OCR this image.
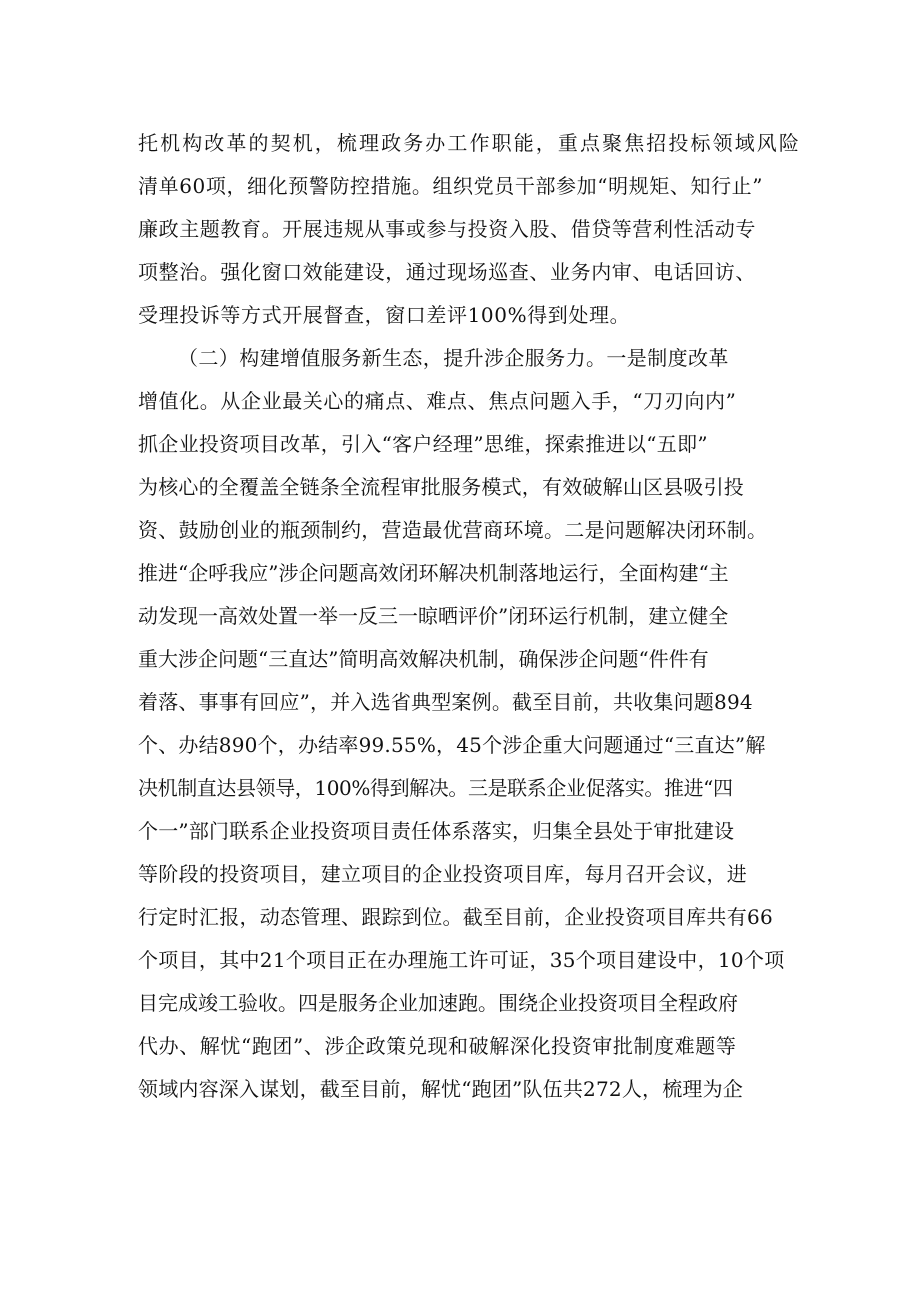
托机构改革的契机，梳理政务办工作职能，重点聚焦招投标领域风险
清单60项，细化预警防控措施。组织党员干部参加“明规矩、知行止”
廉政主题教育。开展违规从事或参与投资入股、借贷等营利性活动专
项整治。强化窗口效能建设，通过现场巡查、业务内审、电话回访、
受理投诉等方式开展督查，窗口差评100%得到处理。
（二）构建增值服务新生态，提升涉企服务力。一是制度改革
增值化。从企业最关心的痛点、难点、焦点问题入手，“刀刃向内”
抓企业投资项目改革，引入“客户经理”思维，探索推进以“五即”
为核心的全覆盖全链条全流程审批服务模式，有效破解山区县吸引投
资、鼓励创业的瓶颈制约，营造最优营商环境。二是问题解决闭环制。
推进“企呼我应”涉企问题高效闭环解决机制落地运行，全面构建“主
动发现一高效处置一举一反三一晾晒评价”闭环运行机制，建立健全
重大涉企问题“三直达”简明高效解决机制，确保涉企问题“件件有
着落、事事有回应”，并入选省典型案例。截至目前，共收集问题894
个、办结890个，办结率99.55%，45个涉企重大问题通过“三直达”解
决机制直达县领导，100%得到解决。三是联系企业促落实。推进“四
个一”部门联系企业投资项目责任体系落实，归集全县处于审批建设
等阶段的投资项目，建立项目的企业投资项目库，每月召开会议，进
行定时汇报，动态管理、跟踪到位。截至目前，企业投资项目库共有66
个项目，其中21个项目正在办理施工许可证，35个项目建设中，10个项
目完成竣工验收。四是服务企业加速跑。围绕企业投资项目全程政府
代办、解忧“跑团”、涉企政策兑现和破解深化投资审批制度难题等
领域内容深入谋划，截至目前，解忧“跑团”队伍共272人，梳理为企
